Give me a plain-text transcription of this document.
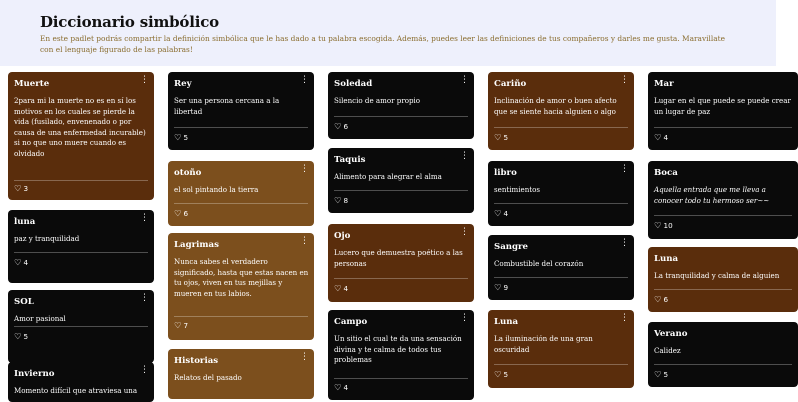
Diccionario simbólico
En este padlet podrás compartir la definición simbólica que le has dado a tu palabra escogida. Además, puedes leer las definiciones de tus compañeros y darles me gusta. Maravillate con el lenguaje figurado de las palabras!
Muerte	⋮
2para mi la muerte no es en sí los motivos en los cuales se pierde la vida (fusilado, envenenado o por causa de una enfermedad incurable) si no que uno muere cuando es olvidado
♡ 3
luna	⋮
paz y tranquilidad
♡ 4
SOL	⋮
Amor pasional
♡ 5
Invierno	⋮
Momento difícil que atraviesa una
Rey	⋮
Ser una persona cercana a la libertad
♡ 5
otoño	⋮
el sol pintando la tierra
♡ 6
Lagrimas	⋮
Nunca sabes el verdadero significado, hasta que estas nacen en tu ojos, viven en tus mejillas y mueren en tus labios.
♡ 7
Historias	⋮
Relatos del pasado
Soledad	⋮
Silencio de amor propio
♡ 6
Taquis	⋮
Alimento para alegrar el alma
♡ 8
Ojo	⋮
Lucero que demuestra poético a las personas
♡ 4
Campo	⋮
Un sitio el cual te da una sensación divina y te calma de todos tus problemas
♡ 4
Cariño	⋮
Inclinación de amor o buen afecto que se siente hacia alguien o algo
♡ 5
libro	⋮
sentimientos
♡ 4
Sangre	⋮
Combustible del corazón
♡ 9
Luna	⋮
La iluminación de una gran oscuridad
♡ 5
Mar
Lugar en el que puede se puede crear un lugar de paz
♡ 4
Boca
Aquella entrada que me lleva a conocer todo tu hermoso ser~~
♡ 10
Luna
La tranquilidad y calma de alguien
♡ 6
Verano
Calidez
♡ 5
